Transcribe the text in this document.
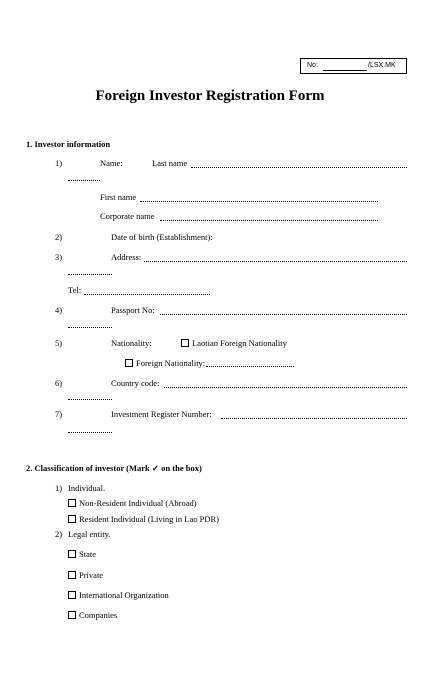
No:	/LSX.MK
Foreign Investor Registration Form
1. Investor information
1)	Name:	Last name
First name
Corporate name
2)	Date of birth (Establishment):
3)	Address:
Tel:
4)	Passport No:
5)	Nationality:	Laotian Foreign Nationality
Foreign Nationality:
6)	Country code:
7)	Investment Register Number:
2. Classification of investor (Mark ✓ on the box)
1) Individual.
Non-Resident Individual (Abroad)
Resident Individual (Living in Lao PDR)
2) Legal entity.
State
Private
International Organization
Companies
